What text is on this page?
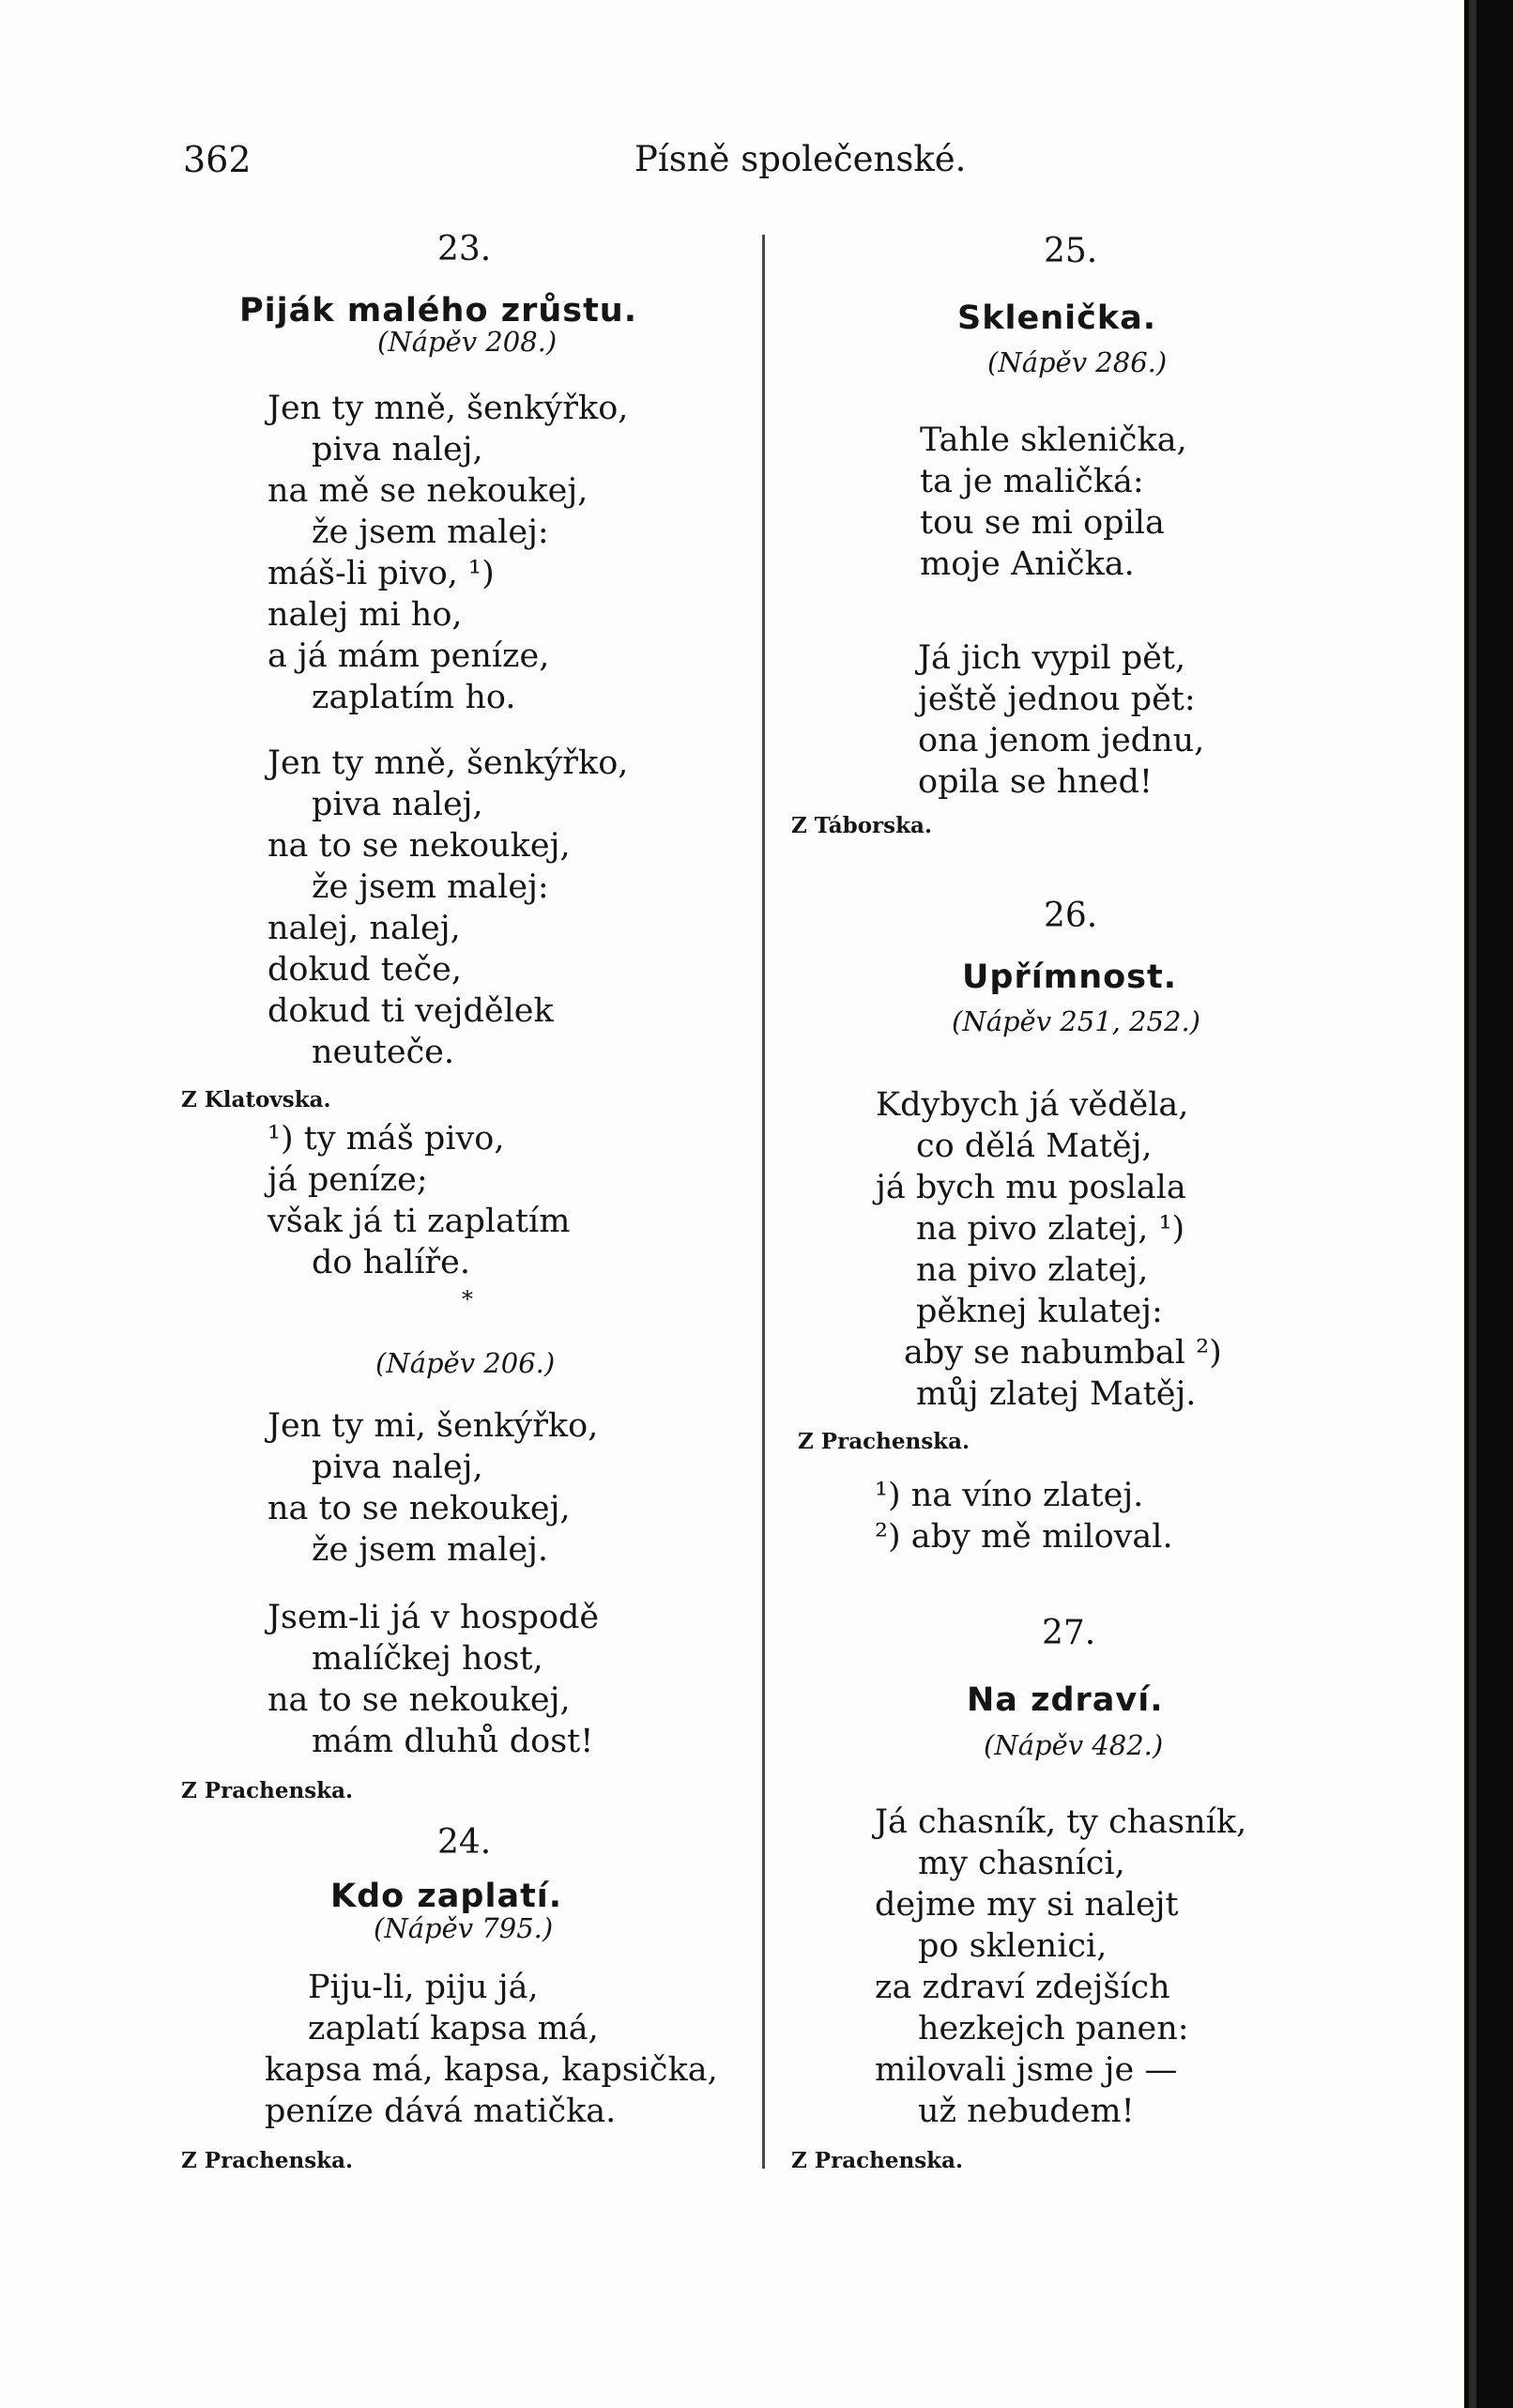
362	Písně společenské.
23.
Piják malého zrůstu.
(Nápěv 208.)
Jen ty mně, šenkýřko,
piva nalej,
na mě se nekoukej,
že jsem malej:
máš-li pivo, ¹)
nalej mi ho,
a já mám peníze,
zaplatím ho.
Jen ty mně, šenkýřko,
piva nalej,
na to se nekoukej,
že jsem malej:
nalej, nalej,
dokud teče,
dokud ti vejdělek
neuteče.
Z Klatovska.
¹) ty máš pivo,
já peníze;
však já ti zaplatím
do halíře.
*
(Nápěv 206.)
Jen ty mi, šenkýřko,
piva nalej,
na to se nekoukej,
že jsem malej.
Jsem-li já v hospodě
malíčkej host,
na to se nekoukej,
mám dluhů dost!
Z Prachenska.
24.
Kdo zaplatí.
(Nápěv 795.)
Piju-li, piju já,
zaplatí kapsa má,
kapsa má, kapsa, kapsička,
peníze dává matička.
Z Prachenska.
25.
Sklenička.
(Nápěv 286.)
Tahle sklenička,
ta je maličká:
tou se mi opila
moje Anička.
Já jich vypil pět,
ještě jednou pět:
ona jenom jednu,
opila se hned!
Z Táborska.
26.
Upřímnost.
(Nápěv 251, 252.)
Kdybych já věděla,
co dělá Matěj,
já bych mu poslala
na pivo zlatej, ¹)
na pivo zlatej,
pěknej kulatej:
aby se nabumbal ²)
můj zlatej Matěj.
Z Prachenska.
¹) na víno zlatej.
²) aby mě miloval.
27.
Na zdraví.
(Nápěv 482.)
Já chasník, ty chasník,
my chasníci,
dejme my si nalejt
po sklenici,
za zdraví zdejších
hezkejch panen:
milovali jsme je —
už nebudem!
Z Prachenska.
